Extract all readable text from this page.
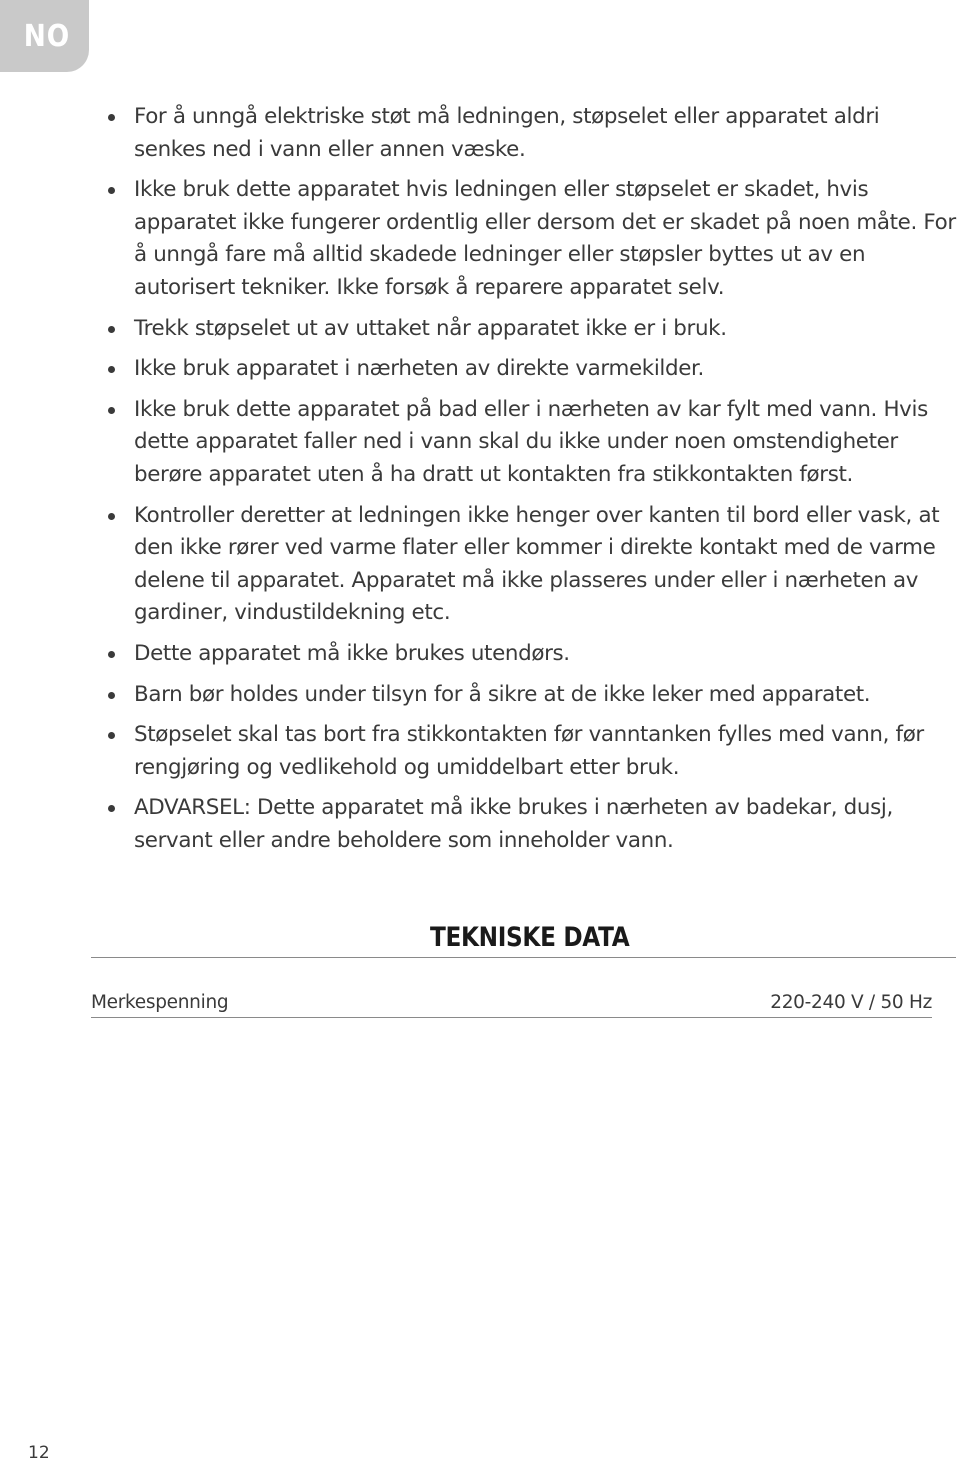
NO
For å unngå elektriske støt må ledningen, støpselet eller apparatet aldri senkes ned i vann eller annen væske.
Ikke bruk dette apparatet hvis ledningen eller støpselet er skadet, hvis apparatet ikke fungerer ordentlig eller dersom det er skadet på noen måte. For å unngå fare må alltid skadede ledninger eller støpsler byttes ut av en autorisert tekniker. Ikke forsøk å reparere apparatet selv.
Trekk støpselet ut av uttaket når apparatet ikke er i bruk.
Ikke bruk apparatet i nærheten av direkte varmekilder.
Ikke bruk dette apparatet på bad eller i nærheten av kar fylt med vann. Hvis dette apparatet faller ned i vann skal du ikke under noen omstendigheter berøre apparatet uten å ha dratt ut kontakten fra stikkontakten først.
Kontroller deretter at ledningen ikke henger over kanten til bord eller vask, at den ikke rører ved varme flater eller kommer i direkte kontakt med de varme delene til apparatet. Apparatet må ikke plasseres under eller i nærheten av gardiner, vindustildekning etc.
Dette apparatet må ikke brukes utendørs.
Barn bør holdes under tilsyn for å sikre at de ikke leker med apparatet.
Støpselet skal tas bort fra stikkontakten før vanntanken fylles med vann, før rengjøring og vedlikehold og umiddelbart etter bruk.
ADVARSEL: Dette apparatet må ikke brukes i nærheten av badekar, dusj, servant eller andre beholdere som inneholder vann.
TEKNISKE DATA
Merkespenning	220-240 V / 50 Hz
12
